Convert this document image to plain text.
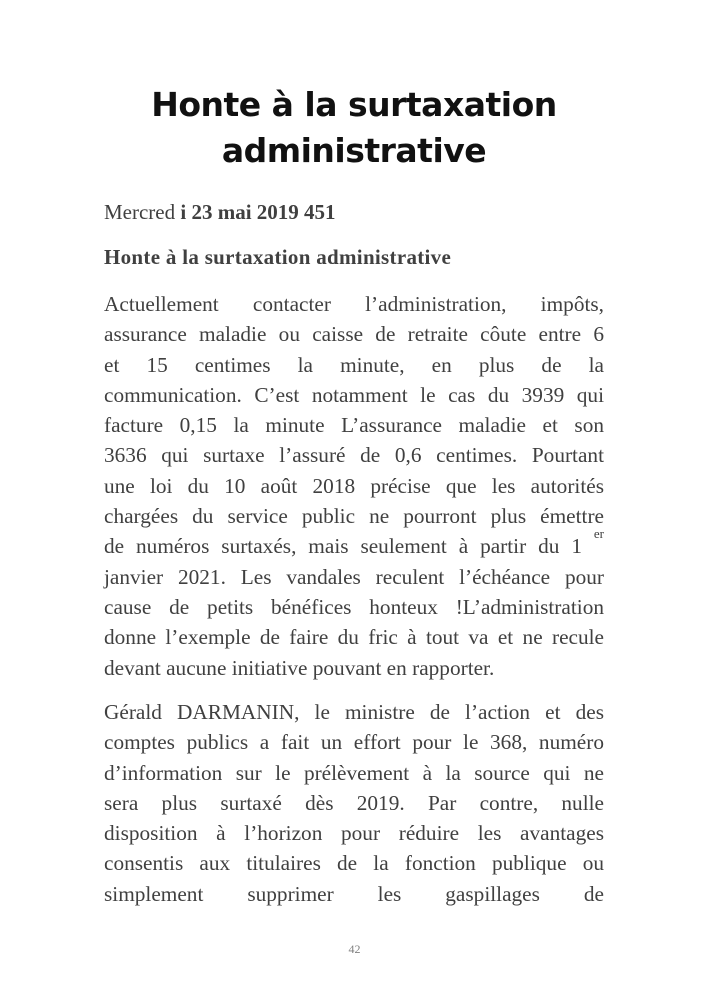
Honte à la surtaxation
administrative
Mercred i 23 mai 2019 451
Honte à la surtaxation administrative
Actuellement contacter l’administration, impôts,
assurance maladie ou caisse de retraite côute entre 6
et 15 centimes la minute, en plus de la
communication. C’est notamment le cas du 3939 qui
facture 0,15 la minute L’assurance maladie et son
3636 qui surtaxe l’assuré de 0,6 centimes. Pourtant
une loi du 10 août 2018 précise que les autorités
chargées du service public ne pourront plus émettre
de numéros surtaxés, mais seulement à partir du 1 $^{er}$
janvier 2021. Les vandales reculent l’échéance pour
cause de petits bénéfices honteux !L’administration
donne l’exemple de faire du fric à tout va et ne recule
devant aucune initiative pouvant en rapporter.
Gérald DARMANIN, le ministre de l’action et des
comptes publics a fait un effort pour le 368, numéro
d’information sur le prélèvement à la source qui ne
sera plus surtaxé dès 2019. Par contre, nulle
disposition à l’horizon pour réduire les avantages
consentis aux titulaires de la fonction publique ou
simplement supprimer les gaspillages de
42
